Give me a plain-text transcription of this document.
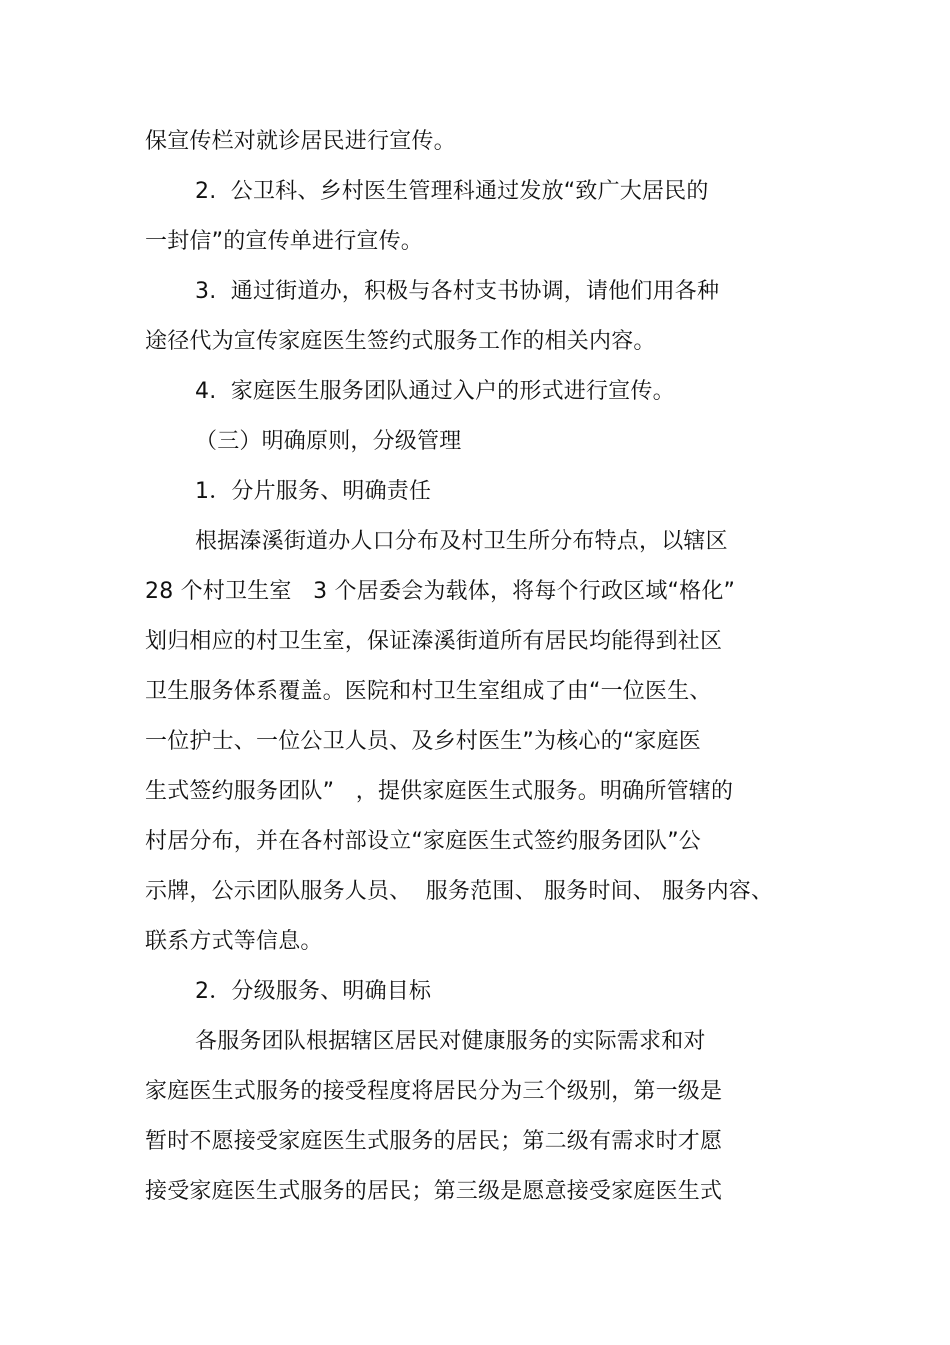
保宣传栏对就诊居民进行宣传。
2.  公卫科、乡村医生管理科通过发放“致广大居民的
一封信”的宣传单进行宣传。
3.  通过街道办，积极与各村支书协调，请他们用各种
途径代为宣传家庭医生签约式服务工作的相关内容。
4.  家庭医生服务团队通过入户的形式进行宣传。
（三）明确原则，分级管理
1．分片服务、明确责任
根据溱溪街道办人口分布及村卫生所分布特点，以辖区
28 个村卫生室   3 个居委会为载体，将每个行政区域“格化”
划归相应的村卫生室，保证溱溪街道所有居民均能得到社区
卫生服务体系覆盖。医院和村卫生室组成了由“一位医生、
一位护士、一位公卫人员、及乡村医生”为核心的“家庭医
生式签约服务团队”   ，提供家庭医生式服务。明确所管辖的
村居分布，并在各村部设立“家庭医生式签约服务团队”公
示牌，公示团队服务人员、  服务范围、 服务时间、 服务内容、
联系方式等信息。
2．分级服务、明确目标
各服务团队根据辖区居民对健康服务的实际需求和对
家庭医生式服务的接受程度将居民分为三个级别，第一级是
暂时不愿接受家庭医生式服务的居民；第二级有需求时才愿
接受家庭医生式服务的居民；第三级是愿意接受家庭医生式
